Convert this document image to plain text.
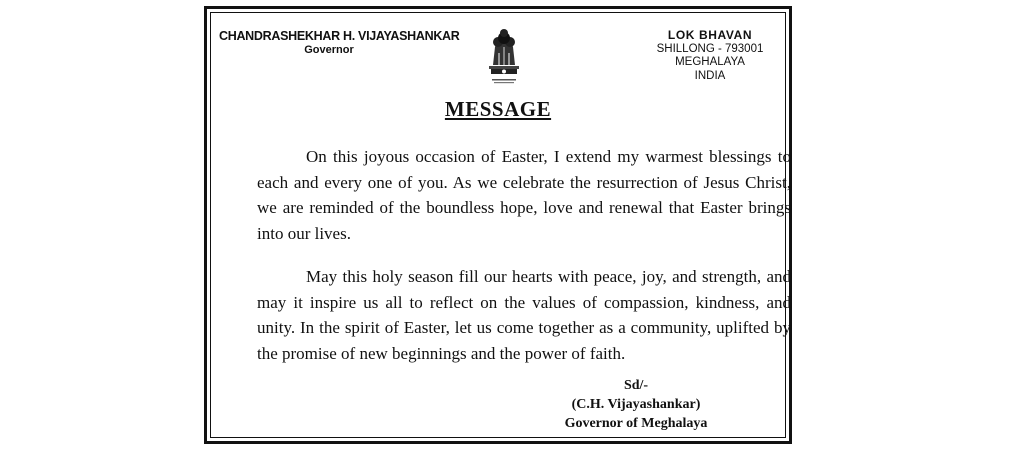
CHANDRASHEKHAR H. VIJAYASHANKAR
Governor
LOK BHAVAN
SHILLONG - 793001
MEGHALAYA
INDIA
MESSAGE

On this joyous occasion of Easter, I extend my warmest blessings to each and every one of you. As we celebrate the resurrection of Jesus Christ, we are reminded of the boundless hope, love and renewal that Easter brings into our lives.

May this holy season fill our hearts with peace, joy, and strength, and may it inspire us all to reflect on the values of compassion, kindness, and unity. In the spirit of Easter, let us come together as a community, uplifted by the promise of new beginnings and the power of faith.

Sd/-
(C.H. Vijayashankar)
Governor of Meghalaya
